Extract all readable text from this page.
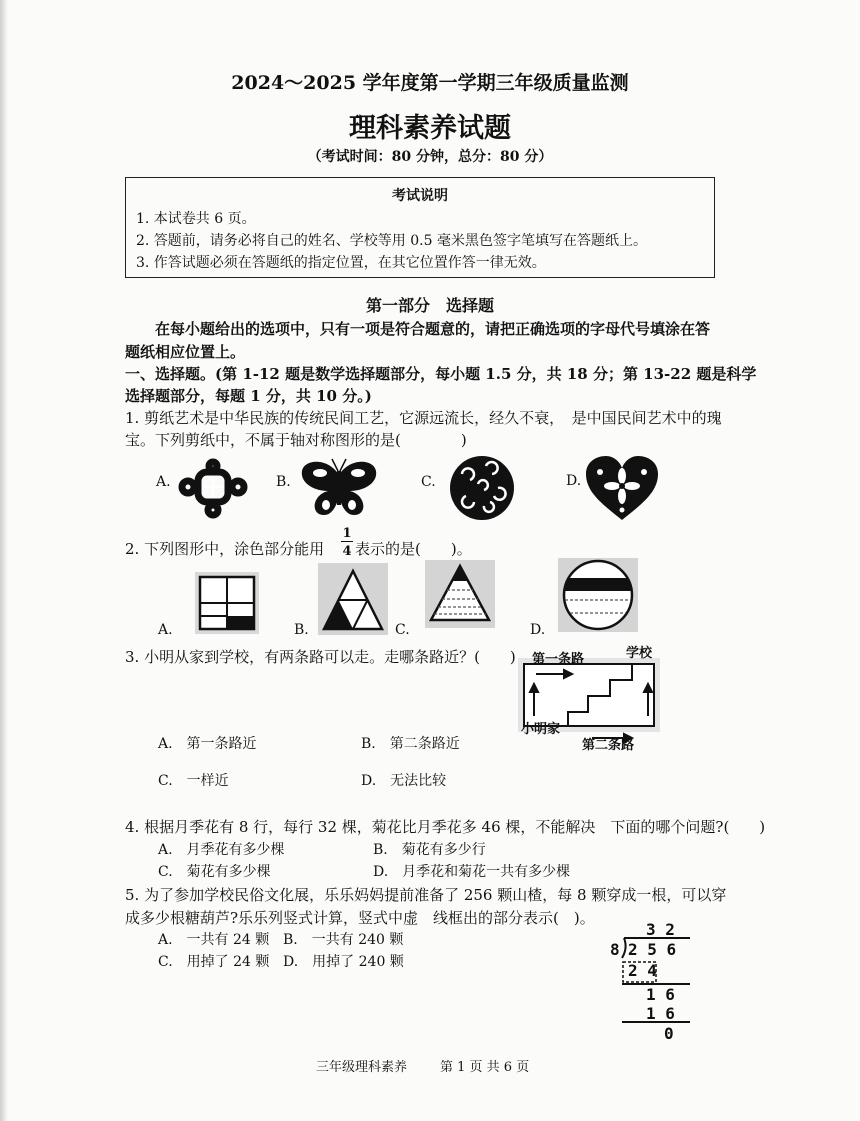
2024～2025 学年度第一学期三年级质量监测
理科素养试题
（考试时间：80 分钟，总分：80 分）
考试说明
1. 本试卷共 6 页。
2. 答题前，请务必将自己的姓名、学校等用 0.5 毫米黑色签字笔填写在答题纸上。
3. 作答试题必须在答题纸的指定位置，在其它位置作答一律无效。
第一部分　选择题
在每小题给出的选项中，只有一项是符合题意的，请把正确选项的字母代号填涂在答
题纸相应位置上。
一、选择题。(第 1-12 题是数学选择题部分，每小题 1.5 分，共 18 分；第 13-22 题是科学
选择题部分，每题 1 分，共 10 分。)
1. 剪纸艺术是中华民族的传统民间工艺，它源远流长，经久不衰，　是中国民间艺术中的瑰
宝。下列剪纸中，不属于轴对称图形的是(　　　　)
A.	B.	C.	D.
2. 下列图形中，涂色部分能用
1
4 表示的是(　　)。
A.	B.	C.	D.
3. 小明从家到学校，有两条路可以走。走哪条路近？(　　) 第一条路	学校
小明家
第二条路
A.　第一条路近	B.　第二条路近
C.　一样近	D.　无法比较
4. 根据月季花有 8 行，每行 32 棵，菊花比月季花多 46 棵，不能解决　下面的哪个问题?(　　)
A.　月季花有多少棵	B.　菊花有多少行
C.　菊花有多少棵	D.　月季花和菊花一共有多少棵
5. 为了参加学校民俗文化展，乐乐妈妈提前准备了 256 颗山楂，每 8 颗穿成一根，可以穿
成多少根糖葫芦?乐乐列竖式计算，竖式中虚　线框出的部分表示(　)。
A.　一共有 24 颗 B.　一共有 240 颗
C.　用掉了 24 颗 D.　用掉了 240 颗
3 2
8 2 5 6
2 4
1 6
1 6
0
三年级理科素养	第 1 页 共 6 页
